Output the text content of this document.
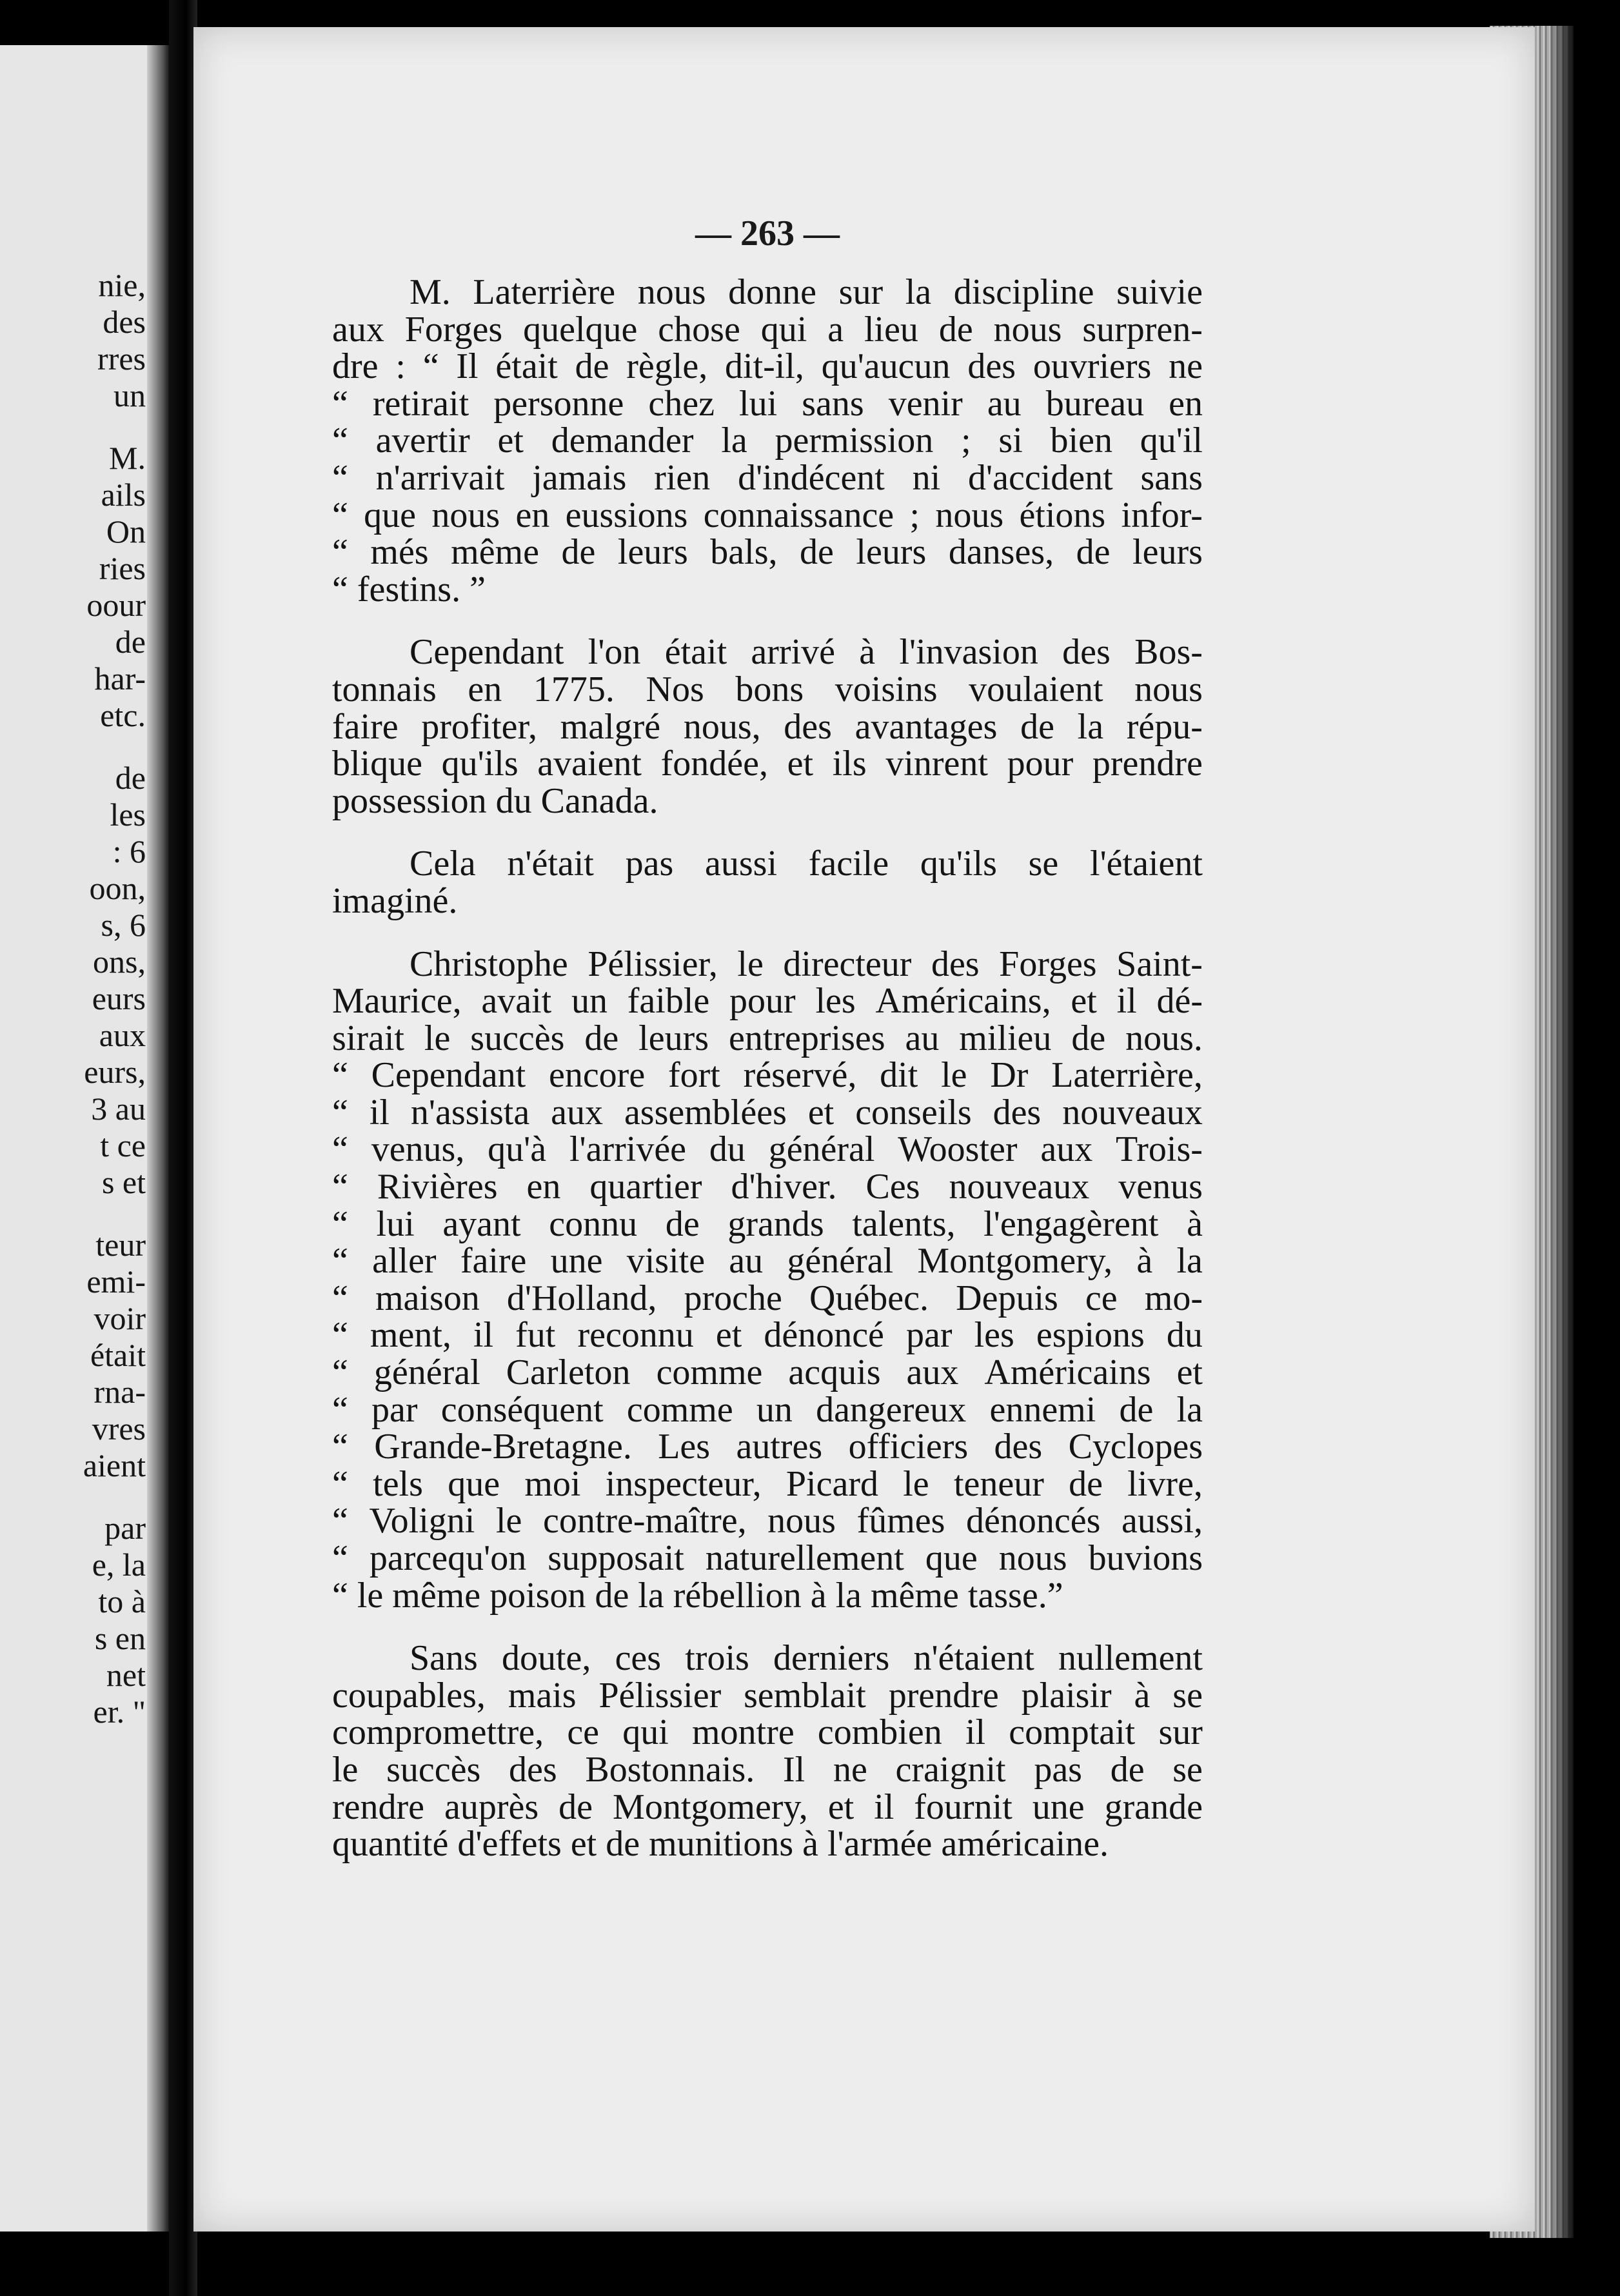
nie,
des
rres
un
M.
ails
On
ries
oour
de
har-
etc.
de
les
: 6
oon,
s, 6
ons,
eurs
aux
eurs,
3 au
t ce
s et
teur
emi-
voir
était
rna-
vres
aient
par
e, la
to à
s en
net
er. "
— 263 —
M. Laterrière nous donne sur la discipline suivie
aux Forges quelque chose qui a lieu de nous surpren-
dre : “ Il était de règle, dit-il, qu'aucun des ouvriers ne
“ retirait personne chez lui sans venir au bureau en
“ avertir et demander la permission ; si bien qu'il
“ n'arrivait jamais rien d'indécent ni d'accident sans
“ que nous en eussions connaissance ; nous étions infor-
“ més même de leurs bals, de leurs danses, de leurs
“ festins. ”
Cependant l'on était arrivé à l'invasion des Bos-
tonnais en 1775. Nos bons voisins voulaient nous
faire profiter, malgré nous, des avantages de la répu-
blique qu'ils avaient fondée, et ils vinrent pour prendre
possession du Canada.
Cela n'était pas aussi facile qu'ils se l'étaient
imaginé.
Christophe Pélissier, le directeur des Forges Saint-
Maurice, avait un faible pour les Américains, et il dé-
sirait le succès de leurs entreprises au milieu de nous.
“ Cependant encore fort réservé, dit le Dr Laterrière,
“ il n'assista aux assemblées et conseils des nouveaux
“ venus, qu'à l'arrivée du général Wooster aux Trois-
“ Rivières en quartier d'hiver. Ces nouveaux venus
“ lui ayant connu de grands talents, l'engagèrent à
“ aller faire une visite au général Montgomery, à la
“ maison d'Holland, proche Québec. Depuis ce mo-
“ ment, il fut reconnu et dénoncé par les espions du
“ général Carleton comme acquis aux Américains et
“ par conséquent comme un dangereux ennemi de la
“ Grande-Bretagne. Les autres officiers des Cyclopes
“ tels que moi inspecteur, Picard le teneur de livre,
“ Voligni le contre-maître, nous fûmes dénoncés aussi,
“ parcequ'on supposait naturellement que nous buvions
“ le même poison de la rébellion à la même tasse.”
Sans doute, ces trois derniers n'étaient nullement
coupables, mais Pélissier semblait prendre plaisir à se
compromettre, ce qui montre combien il comptait sur
le succès des Bostonnais. Il ne craignit pas de se
rendre auprès de Montgomery, et il fournit une grande
quantité d'effets et de munitions à l'armée américaine.
